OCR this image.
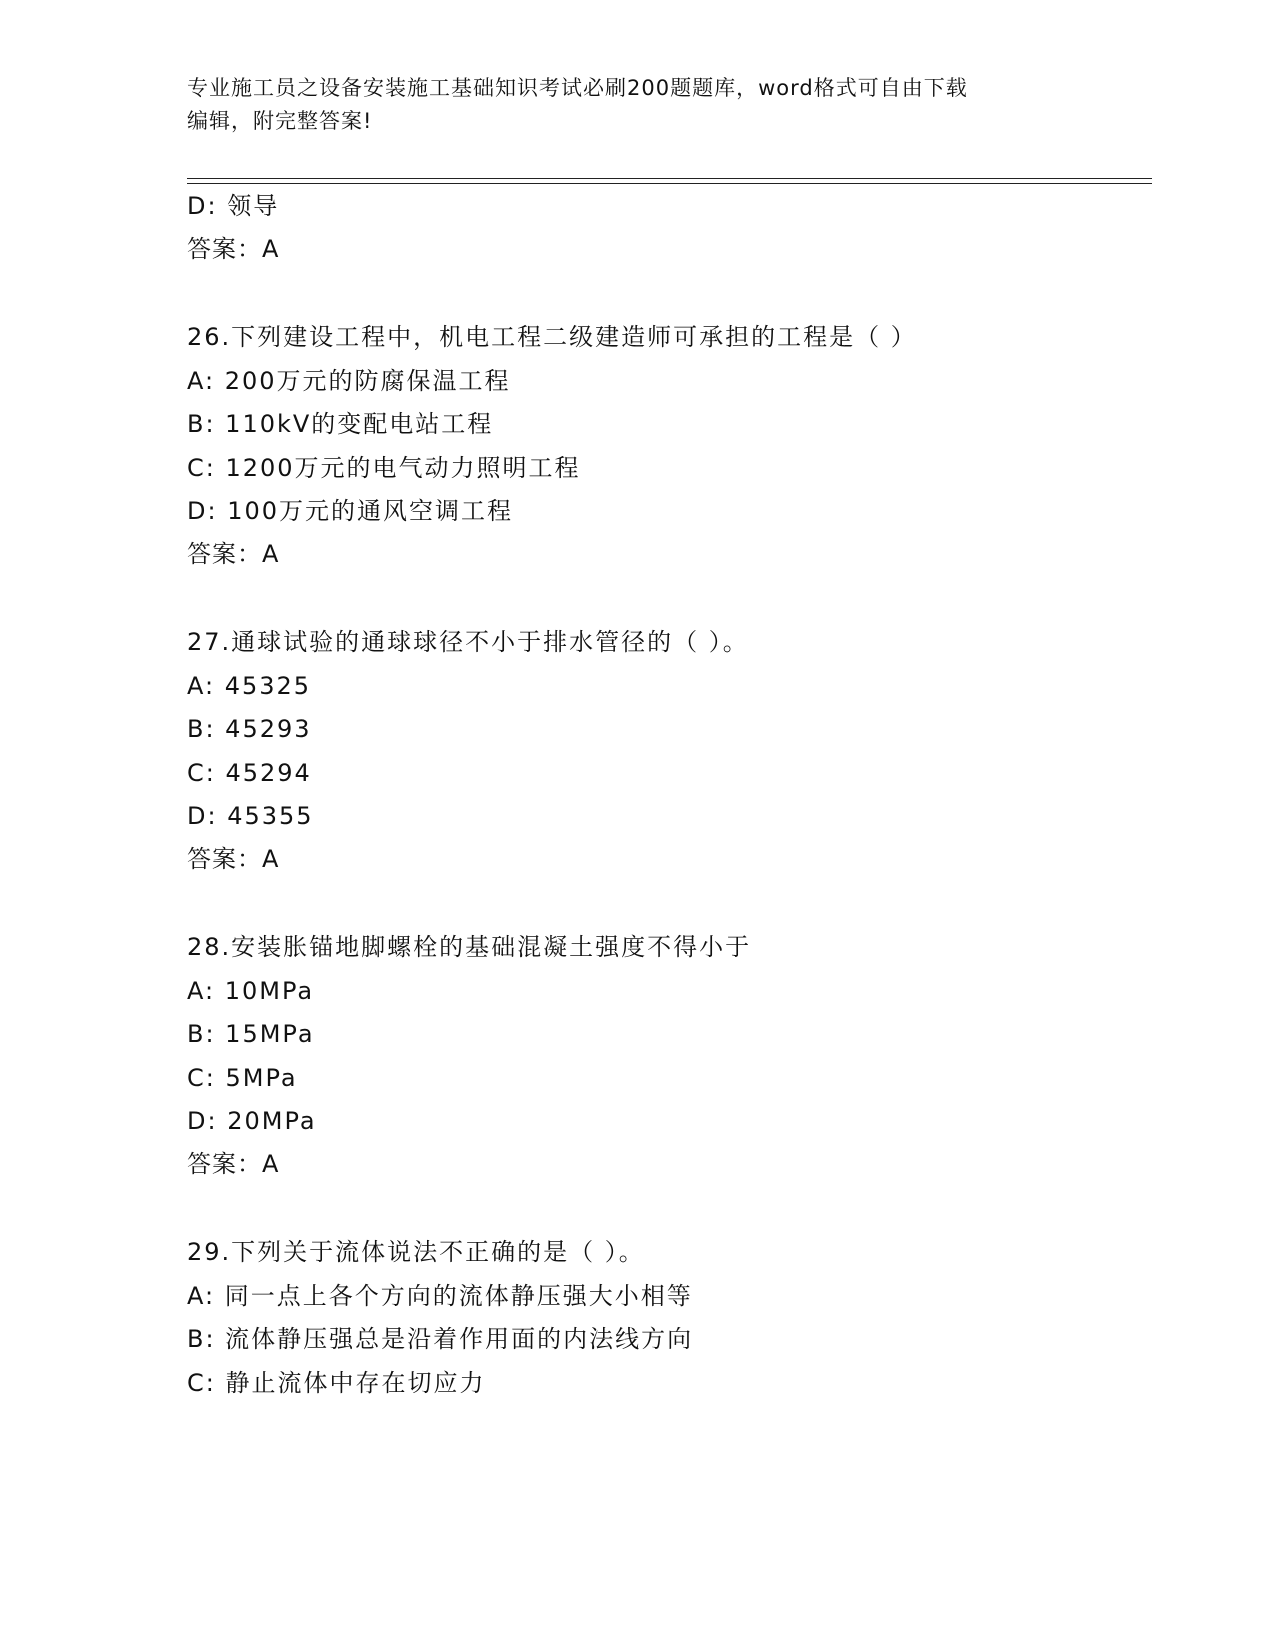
专业施工员之设备安装施工基础知识考试必刷200题题库，word格式可自由下载
编辑，附完整答案!
D: 领导
答案：A
26.下列建设工程中，机电工程二级建造师可承担的工程是（ ）
A: 200万元的防腐保温工程
B: 110kV的变配电站工程
C: 1200万元的电气动力照明工程
D: 100万元的通风空调工程
答案：A
27.通球试验的通球球径不小于排水管径的（ ）。
A: 45325
B: 45293
C: 45294
D: 45355
答案：A
28.安装胀锚地脚螺栓的基础混凝土强度不得小于
A: 10MPa
B: 15MPa
C: 5MPa
D: 20MPa
答案：A
29.下列关于流体说法不正确的是（ ）。
A: 同一点上各个方向的流体静压强大小相等
B: 流体静压强总是沿着作用面的内法线方向
C: 静止流体中存在切应力
